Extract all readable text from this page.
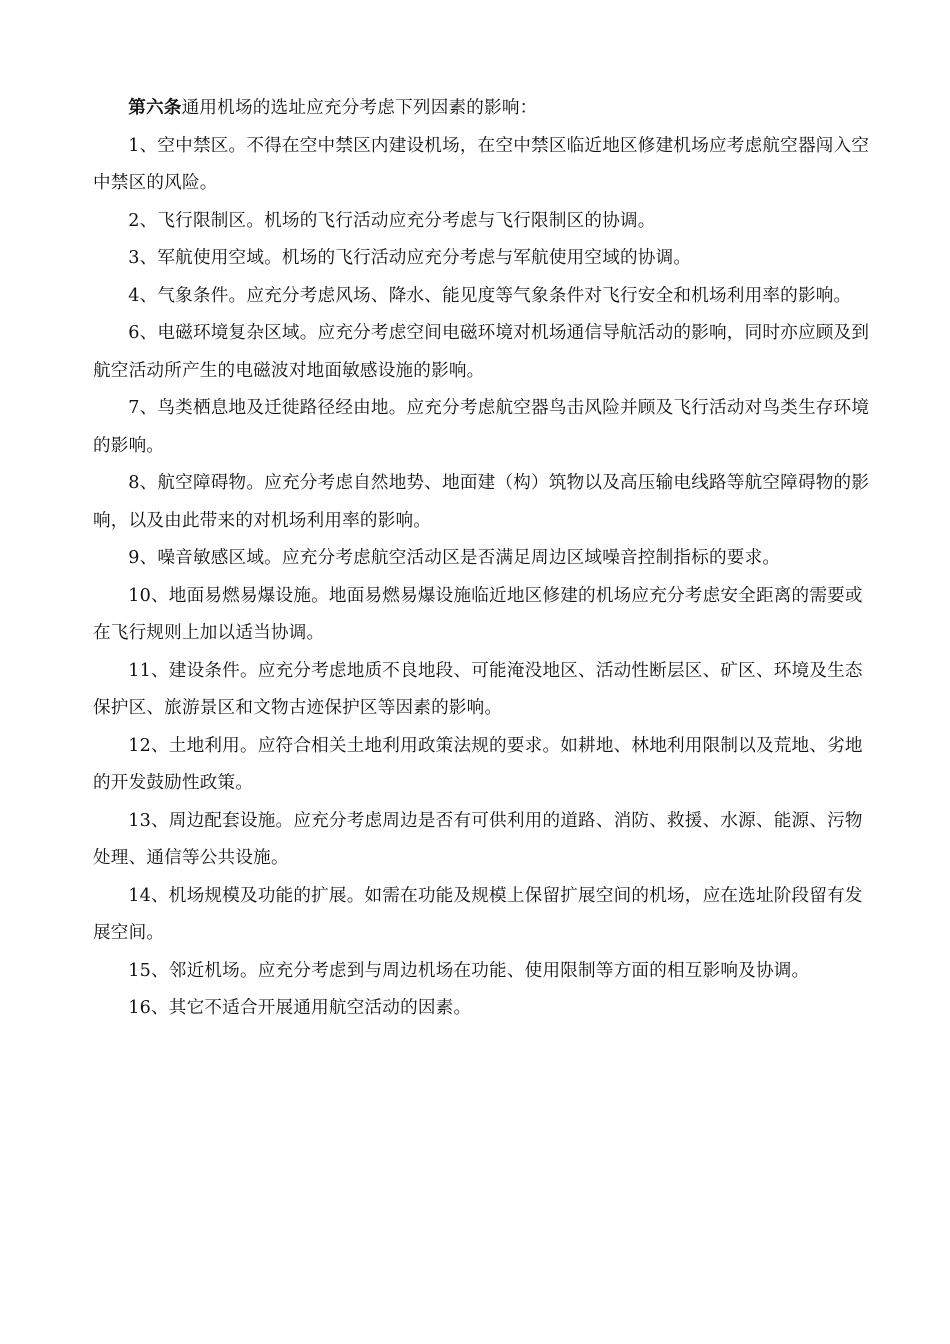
第六条通用机场的选址应充分考虑下列因素的影响：

1、空中禁区。不得在空中禁区内建设机场，在空中禁区临近地区修建机场应考虑航空器闯入空中禁区的风险。

2、飞行限制区。机场的飞行活动应充分考虑与飞行限制区的协调。

3、军航使用空域。机场的飞行活动应充分考虑与军航使用空域的协调。

4、气象条件。应充分考虑风场、降水、能见度等气象条件对飞行安全和机场利用率的影响。

6、电磁环境复杂区域。应充分考虑空间电磁环境对机场通信导航活动的影响，同时亦应顾及到航空活动所产生的电磁波对地面敏感设施的影响。

7、鸟类栖息地及迁徙路径经由地。应充分考虑航空器鸟击风险并顾及飞行活动对鸟类生存环境的影响。

8、航空障碍物。应充分考虑自然地势、地面建（构）筑物以及高压输电线路等航空障碍物的影响，以及由此带来的对机场利用率的影响。

9、噪音敏感区域。应充分考虑航空活动区是否满足周边区域噪音控制指标的要求。

10、地面易燃易爆设施。地面易燃易爆设施临近地区修建的机场应充分考虑安全距离的需要或在飞行规则上加以适当协调。

11、建设条件。应充分考虑地质不良地段、可能淹没地区、活动性断层区、矿区、环境及生态保护区、旅游景区和文物古迹保护区等因素的影响。

12、土地利用。应符合相关土地利用政策法规的要求。如耕地、林地利用限制以及荒地、劣地的开发鼓励性政策。

13、周边配套设施。应充分考虑周边是否有可供利用的道路、消防、救援、水源、能源、污物处理、通信等公共设施。

14、机场规模及功能的扩展。如需在功能及规模上保留扩展空间的机场，应在选址阶段留有发展空间。

15、邻近机场。应充分考虑到与周边机场在功能、使用限制等方面的相互影响及协调。

16、其它不适合开展通用航空活动的因素。
